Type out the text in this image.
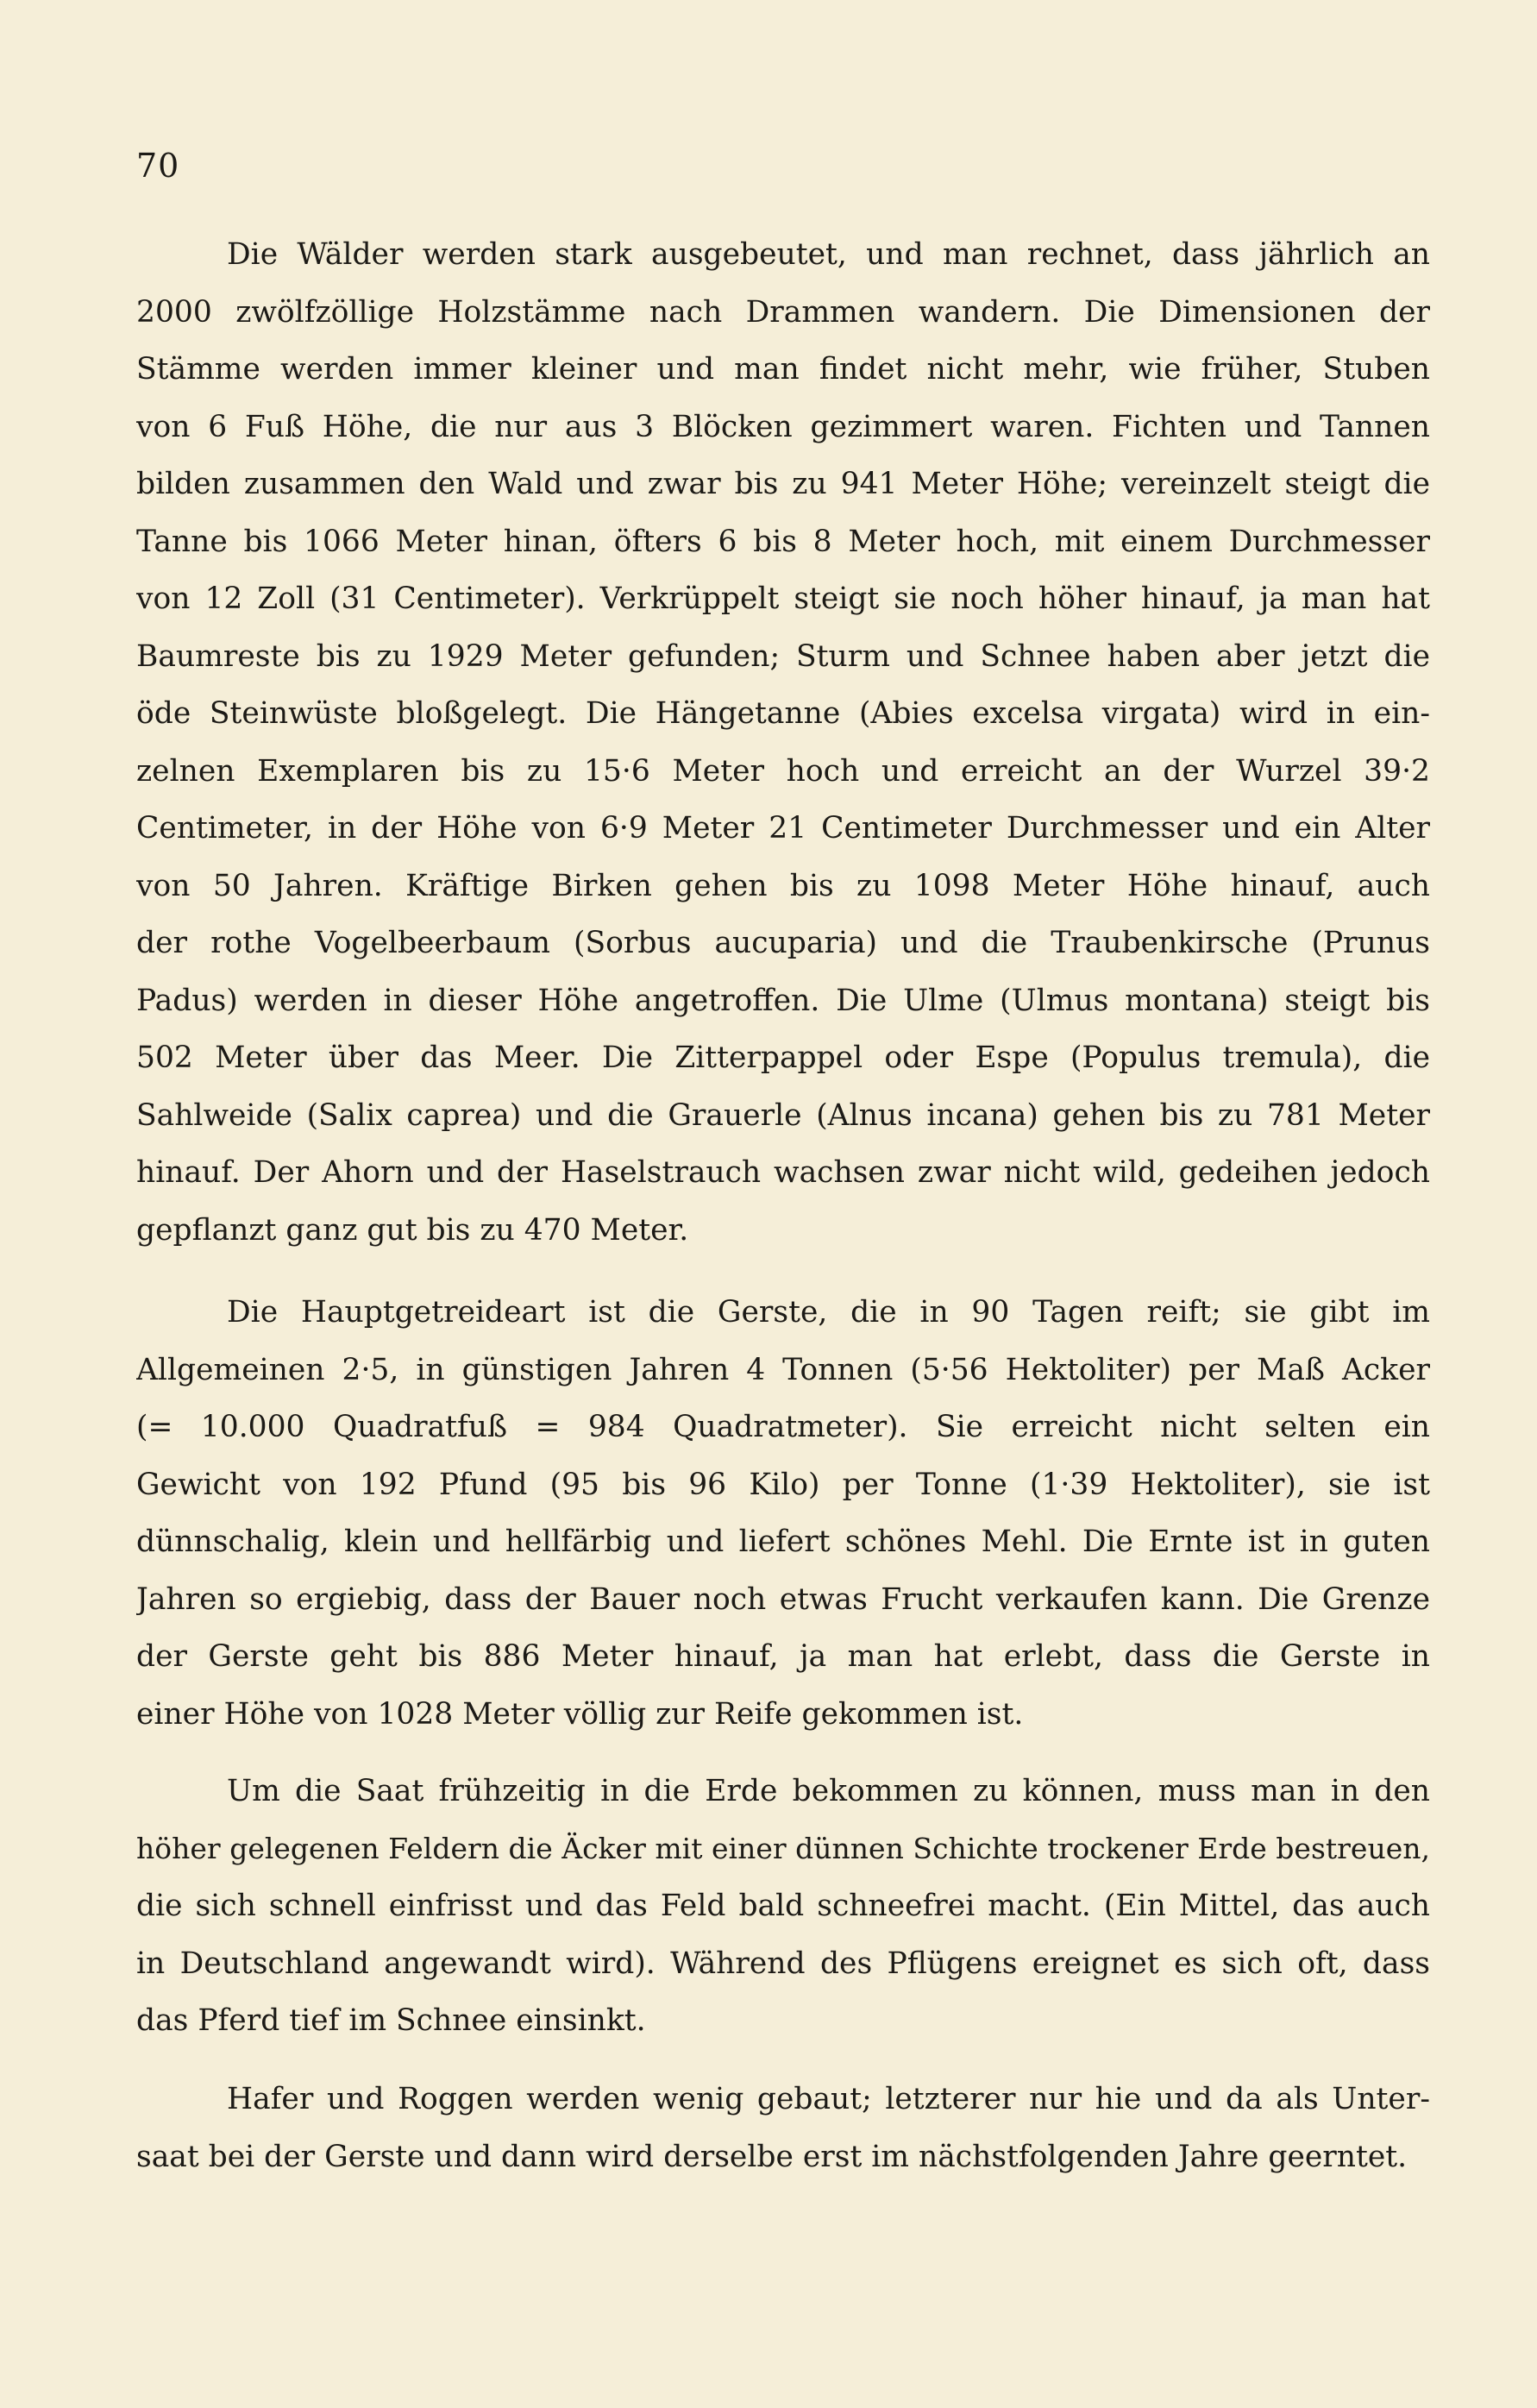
70
Die Wälder werden stark ausgebeutet, und man rechnet, dass jährlich an
2000 zwölfzöllige Holzstämme nach Drammen wandern. Die Dimensionen der
Stämme werden immer kleiner und man findet nicht mehr, wie früher, Stuben
von 6 Fuß Höhe, die nur aus 3 Blöcken gezimmert waren. Fichten und Tannen
bilden zusammen den Wald und zwar bis zu 941 Meter Höhe; vereinzelt steigt die
Tanne bis 1066 Meter hinan, öfters 6 bis 8 Meter hoch, mit einem Durchmesser
von 12 Zoll (31 Centimeter). Verkrüppelt steigt sie noch höher hinauf, ja man hat
Baumreste bis zu 1929 Meter gefunden; Sturm und Schnee haben aber jetzt die
öde Steinwüste bloßgelegt. Die Hängetanne (Abies excelsa virgata) wird in ein-
zelnen Exemplaren bis zu 15·6 Meter hoch und erreicht an der Wurzel 39·2
Centimeter, in der Höhe von 6·9 Meter 21 Centimeter Durchmesser und ein Alter
von 50 Jahren. Kräftige Birken gehen bis zu 1098 Meter Höhe hinauf, auch
der rothe Vogelbeerbaum (Sorbus aucuparia) und die Traubenkirsche (Prunus
Padus) werden in dieser Höhe angetroffen. Die Ulme (Ulmus montana) steigt bis
502 Meter über das Meer. Die Zitterpappel oder Espe (Populus tremula), die
Sahlweide (Salix caprea) und die Grauerle (Alnus incana) gehen bis zu 781 Meter
hinauf. Der Ahorn und der Haselstrauch wachsen zwar nicht wild, gedeihen jedoch
gepflanzt ganz gut bis zu 470 Meter.
Die Hauptgetreideart ist die Gerste, die in 90 Tagen reift; sie gibt im
Allgemeinen 2·5, in günstigen Jahren 4 Tonnen (5·56 Hektoliter) per Maß Acker
(= 10.000 Quadratfuß = 984 Quadratmeter). Sie erreicht nicht selten ein
Gewicht von 192 Pfund (95 bis 96 Kilo) per Tonne (1·39 Hektoliter), sie ist
dünnschalig, klein und hellfärbig und liefert schönes Mehl. Die Ernte ist in guten
Jahren so ergiebig, dass der Bauer noch etwas Frucht verkaufen kann. Die Grenze
der Gerste geht bis 886 Meter hinauf, ja man hat erlebt, dass die Gerste in
einer Höhe von 1028 Meter völlig zur Reife gekommen ist.
Um die Saat frühzeitig in die Erde bekommen zu können, muss man in den
höher gelegenen Feldern die Äcker mit einer dünnen Schichte trockener Erde bestreuen,
die sich schnell einfrisst und das Feld bald schneefrei macht. (Ein Mittel, das auch
in Deutschland angewandt wird). Während des Pflügens ereignet es sich oft, dass
das Pferd tief im Schnee einsinkt.
Hafer und Roggen werden wenig gebaut; letzterer nur hie und da als Unter-
saat bei der Gerste und dann wird derselbe erst im nächstfolgenden Jahre geerntet.
